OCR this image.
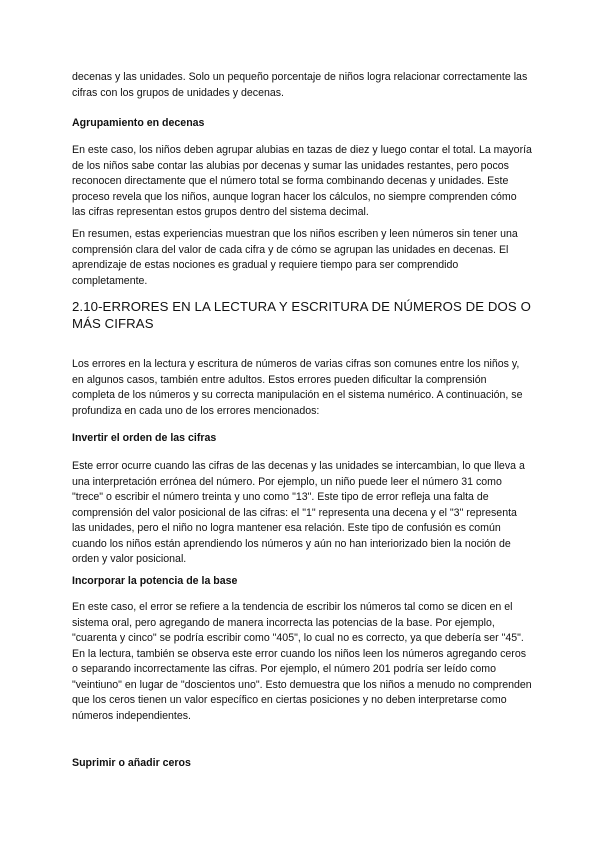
decenas y las unidades. Solo un pequeño porcentaje de niños logra relacionar correctamente las cifras con los grupos de unidades y decenas.

Agrupamiento en decenas

En este caso, los niños deben agrupar alubias en tazas de diez y luego contar el total. La mayoría de los niños sabe contar las alubias por decenas y sumar las unidades restantes, pero pocos reconocen directamente que el número total se forma combinando decenas y unidades. Este proceso revela que los niños, aunque logran hacer los cálculos, no siempre comprenden cómo las cifras representan estos grupos dentro del sistema decimal.

En resumen, estas experiencias muestran que los niños escriben y leen números sin tener una comprensión clara del valor de cada cifra y de cómo se agrupan las unidades en decenas. El aprendizaje de estas nociones es gradual y requiere tiempo para ser comprendido completamente.

2.10-ERRORES EN LA LECTURA Y ESCRITURA DE NÚMEROS DE DOS O MÁS CIFRAS

Los errores en la lectura y escritura de números de varias cifras son comunes entre los niños y, en algunos casos, también entre adultos. Estos errores pueden dificultar la comprensión completa de los números y su correcta manipulación en el sistema numérico. A continuación, se profundiza en cada uno de los errores mencionados:

Invertir el orden de las cifras

Este error ocurre cuando las cifras de las decenas y las unidades se intercambian, lo que lleva a una interpretación errónea del número. Por ejemplo, un niño puede leer el número 31 como "trece" o escribir el número treinta y uno como "13". Este tipo de error refleja una falta de comprensión del valor posicional de las cifras: el "1" representa una decena y el "3" representa las unidades, pero el niño no logra mantener esa relación. Este tipo de confusión es común cuando los niños están aprendiendo los números y aún no han interiorizado bien la noción de orden y valor posicional.

Incorporar la potencia de la base

En este caso, el error se refiere a la tendencia de escribir los números tal como se dicen en el sistema oral, pero agregando de manera incorrecta las potencias de la base. Por ejemplo, "cuarenta y cinco" se podría escribir como "405", lo cual no es correcto, ya que debería ser "45". En la lectura, también se observa este error cuando los niños leen los números agregando ceros o separando incorrectamente las cifras. Por ejemplo, el número 201 podría ser leído como "veintiuno" en lugar de "doscientos uno". Esto demuestra que los niños a menudo no comprenden que los ceros tienen un valor específico en ciertas posiciones y no deben interpretarse como números independientes.

Suprimir o añadir ceros
